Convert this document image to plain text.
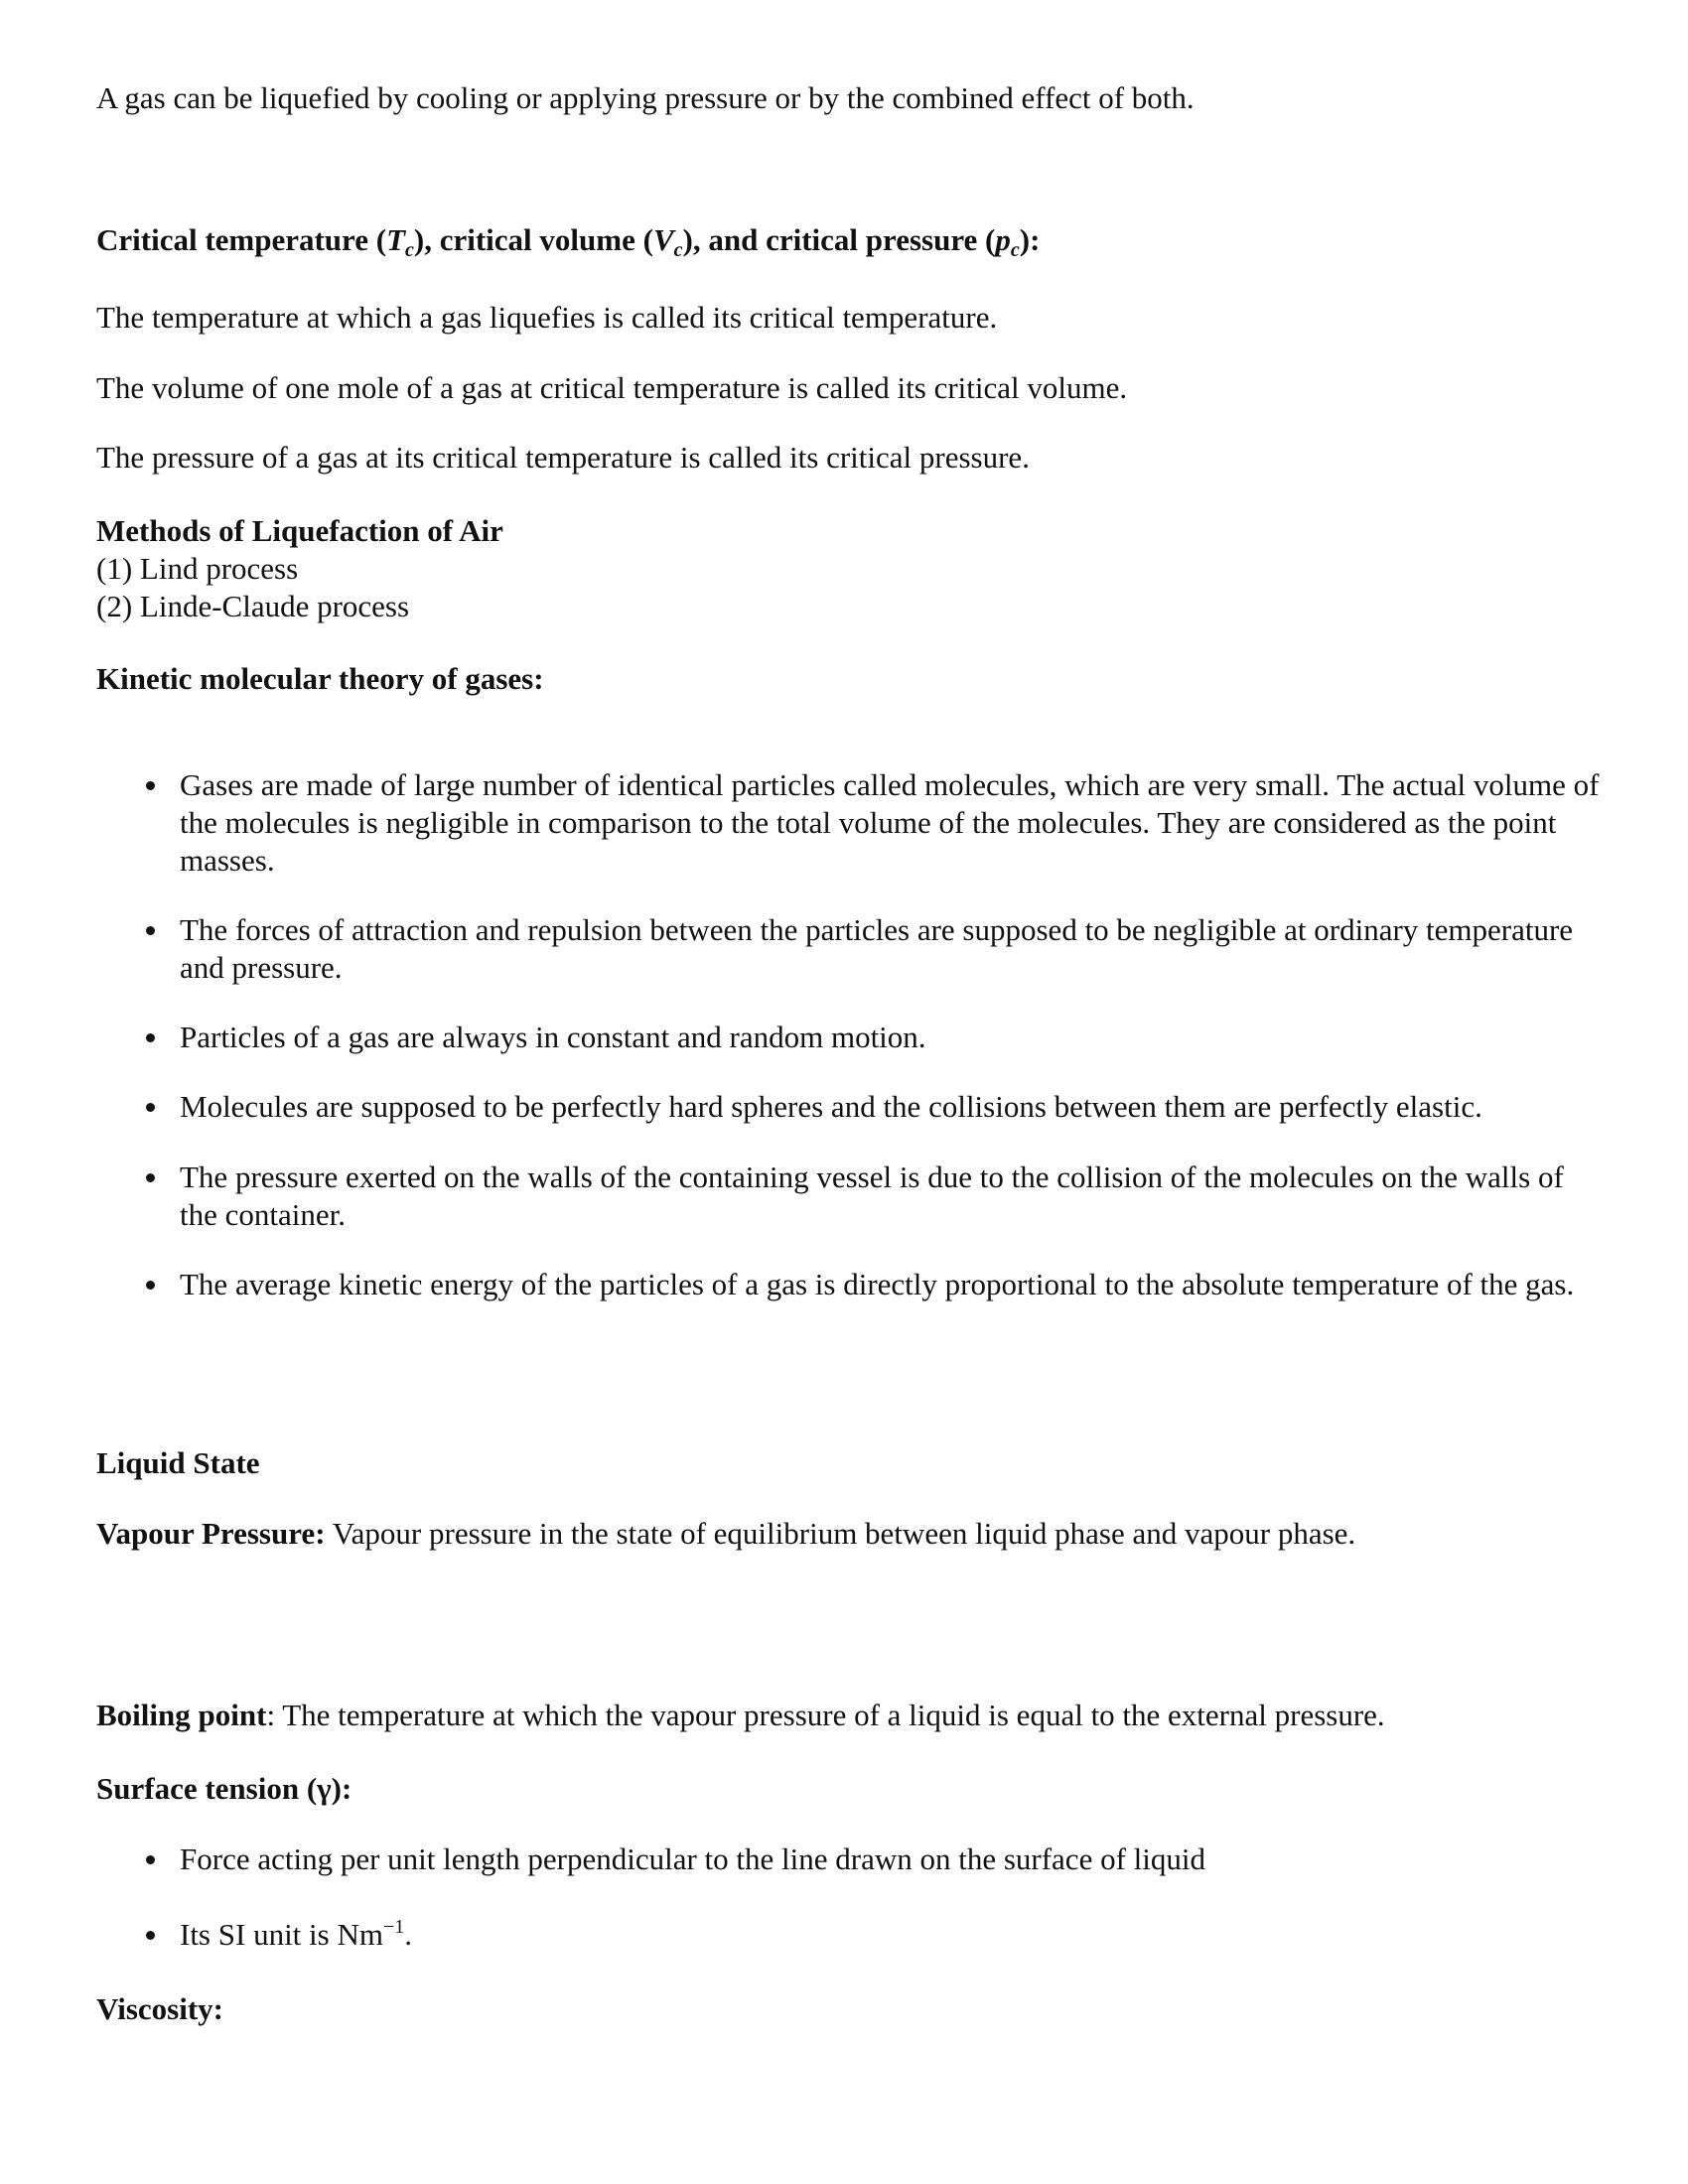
A gas can be liquefied by cooling or applying pressure or by the combined effect of both.

Critical temperature $(T_c)$, critical volume $(V_c)$, and critical pressure $(p_c)$:

The temperature at which a gas liquefies is called its critical temperature.

The volume of one mole of a gas at critical temperature is called its critical volume.

The pressure of a gas at its critical temperature is called its critical pressure.

Methods of Liquefaction of Air

(1) Lind process

(2) Linde-Claude process

Kinetic molecular theory of gases:

Gases are made of large number of identical particles called molecules, which are very small. The actual volume of the molecules is negligible in comparison to the total volume of the molecules. They are considered as the point masses.
The forces of attraction and repulsion between the particles are supposed to be negligible at ordinary temperature and pressure.
Particles of a gas are always in constant and random motion.
Molecules are supposed to be perfectly hard spheres and the collisions between them are perfectly elastic.
The pressure exerted on the walls of the containing vessel is due to the collision of the molecules on the walls of the container.
The average kinetic energy of the particles of a gas is directly proportional to the absolute temperature of the gas.

Liquid State

Vapour Pressure: Vapour pressure in the state of equilibrium between liquid phase and vapour phase.

Boiling point: The temperature at which the vapour pressure of a liquid is equal to the external pressure.

Surface tension (γ):

Force acting per unit length perpendicular to the line drawn on the surface of liquid
Its SI unit is $Nm^{-1}$.

Viscosity:
